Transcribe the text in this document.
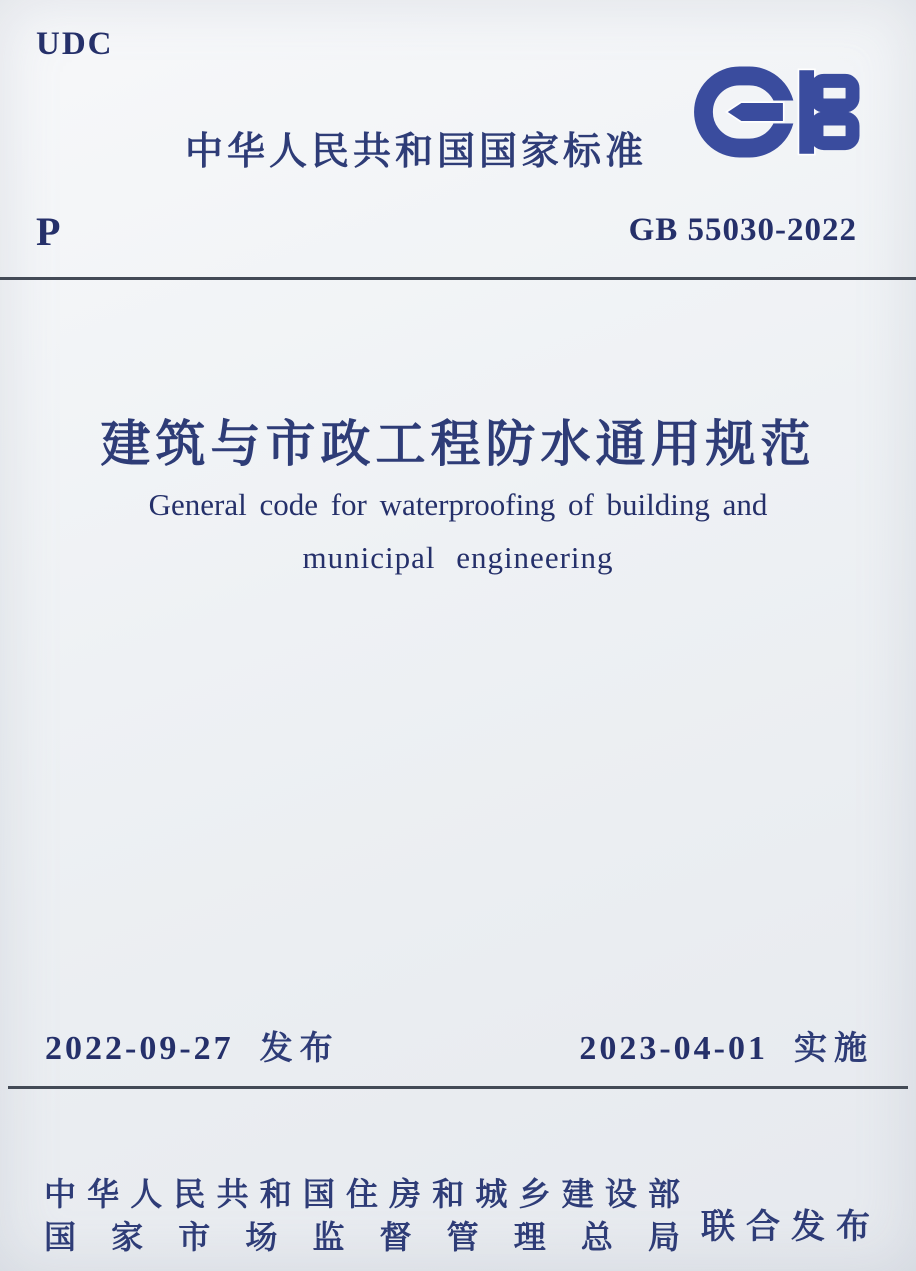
UDC
中华人民共和国国家标准
P	GB 55030-2022
建筑与市政工程防水通用规范
General code for waterproofing of building and
municipal engineering
2022-09-27 发布	2023-04-01 实施
中 华 人 民 共 和 国 住 房 和 城 乡 建 设 部
国 家 市 场 监 督 管 理 总 局 联合发布
